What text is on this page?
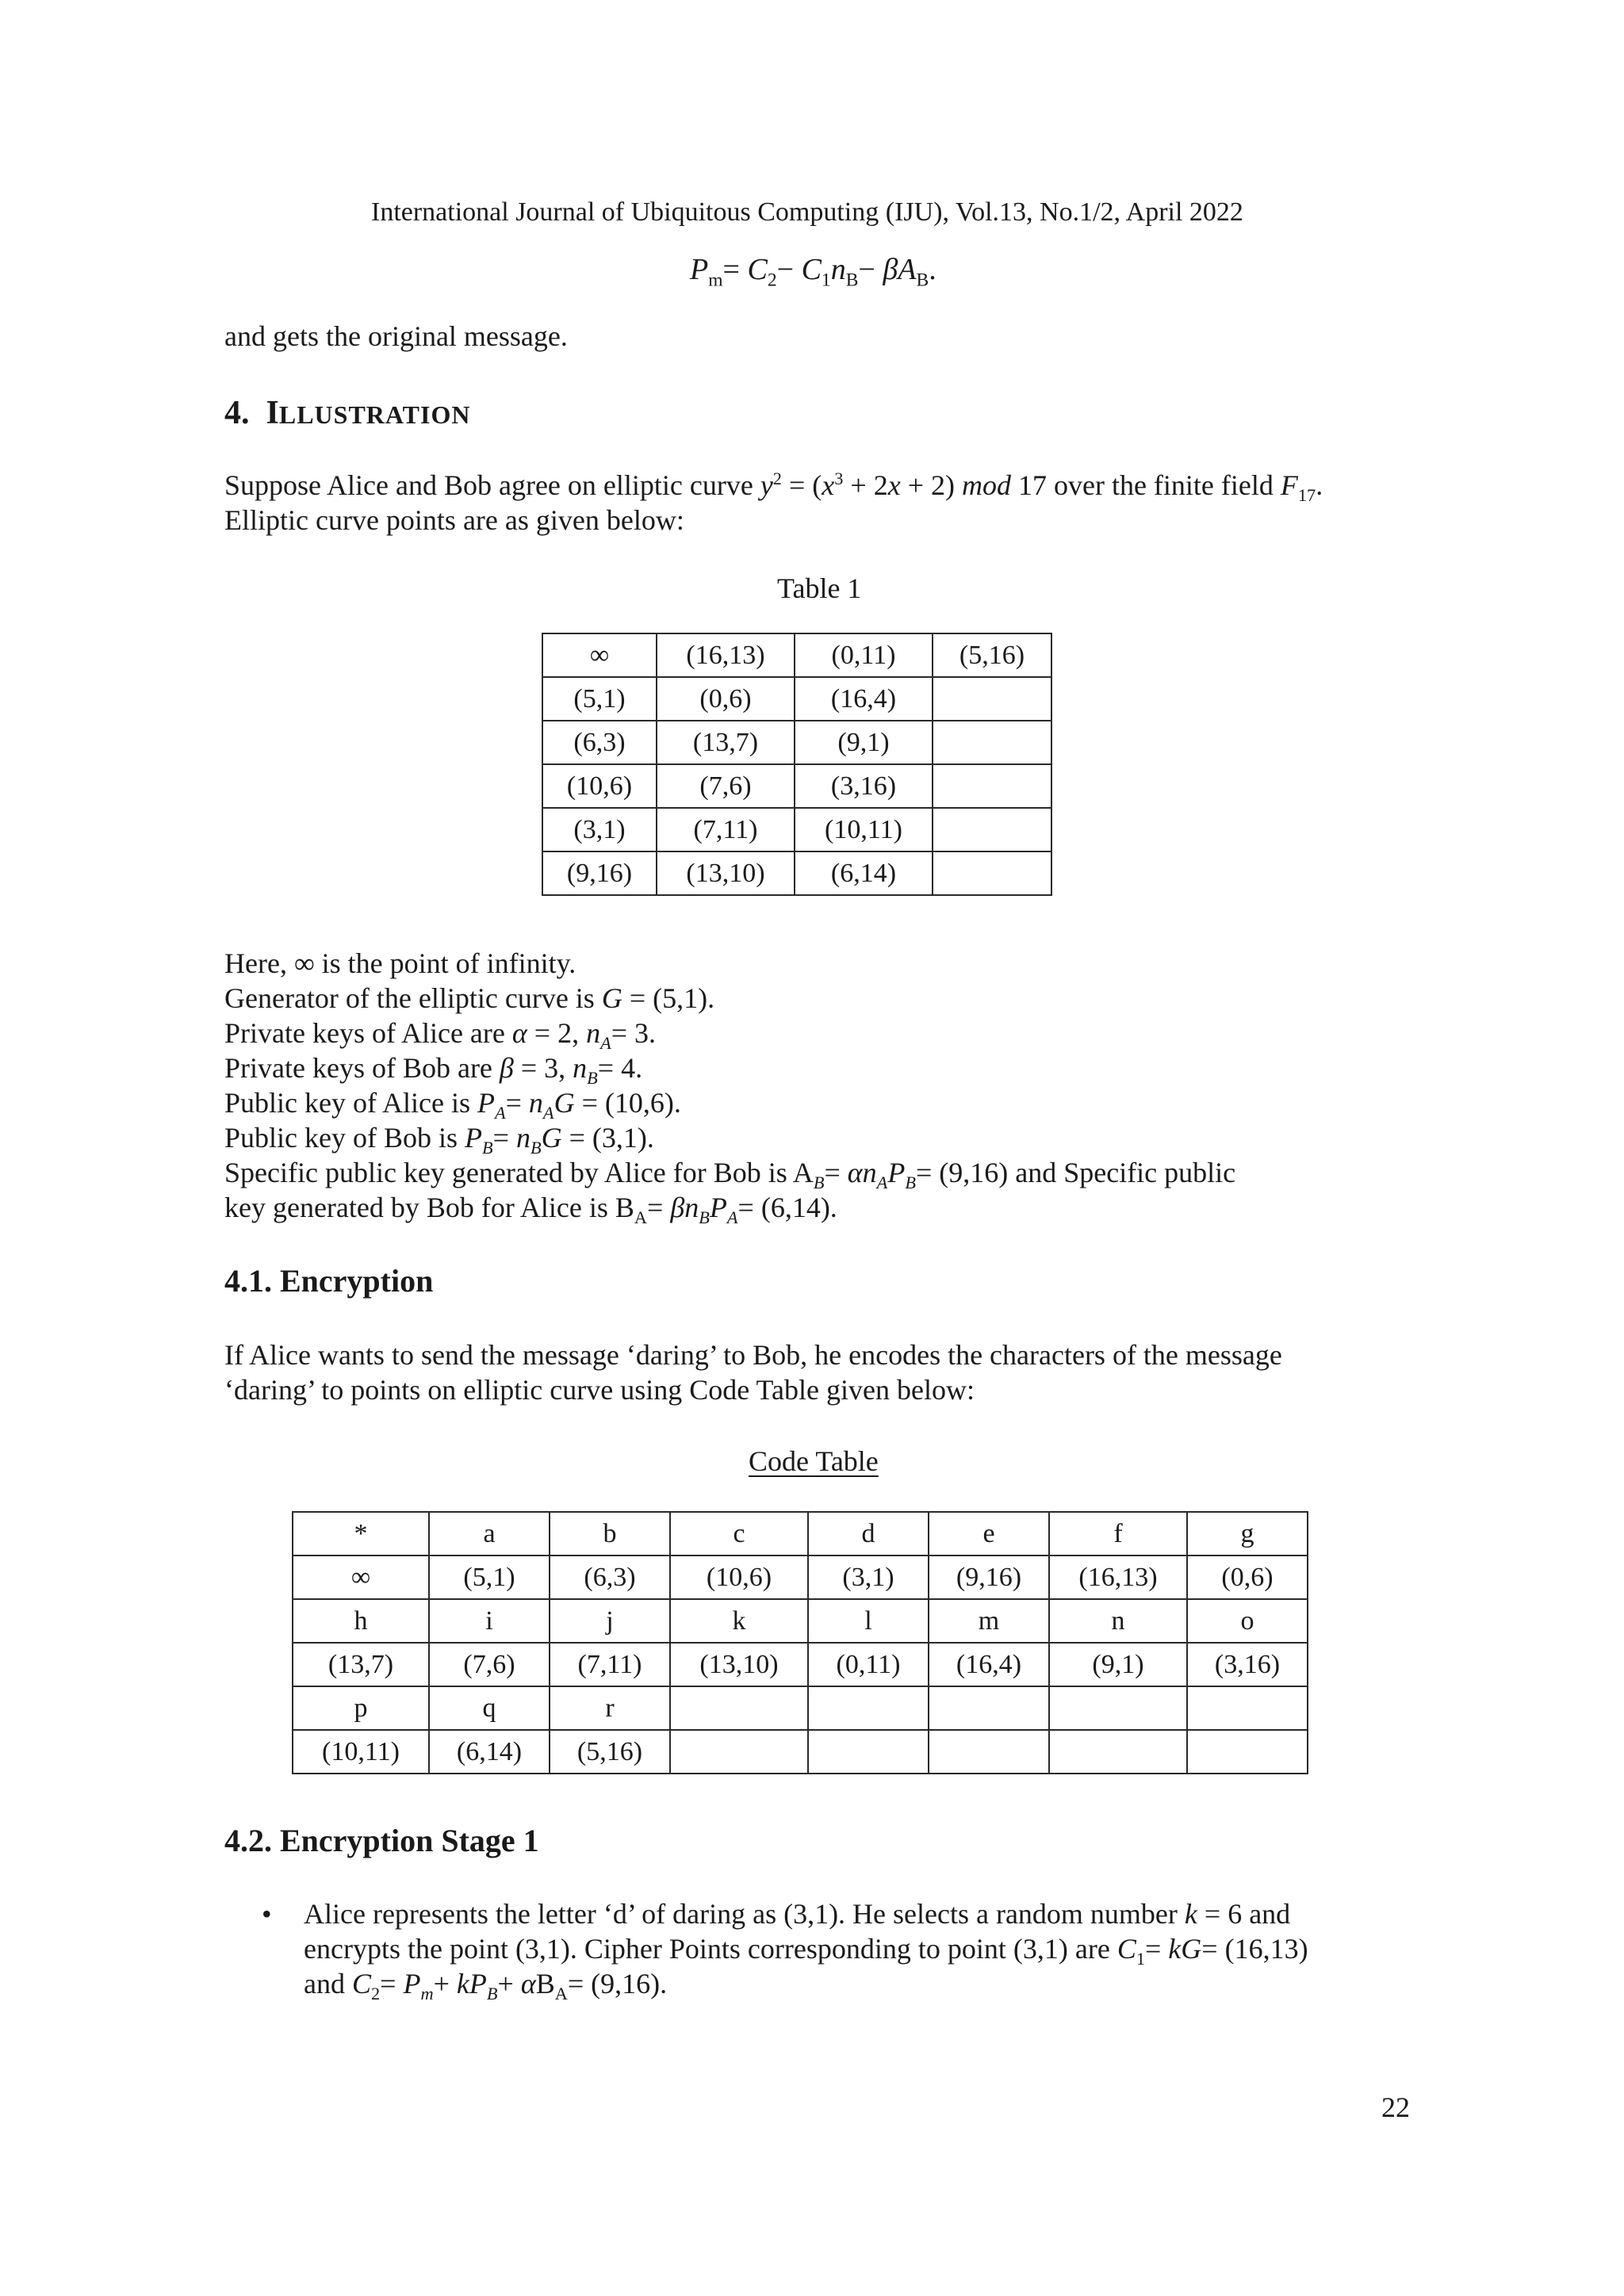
International Journal of Ubiquitous Computing (IJU), Vol.13, No.1/2, April 2022
$P_m= C_2- C_1n_B- \beta A_B$.
and gets the original message.
4. ILLUSTRATION
Suppose Alice and Bob agree on elliptic curve $y^2 = (x^3 + 2x + 2)$ mod 17 over the finite field $F_{17}$.
Elliptic curve points are as given below:
Table 1
∞	(16,13)	(0,11)	(5,16)
(5,1)	(0,6)	(16,4)	
(6,3)	(13,7)	(9,1)	
(10,6)	(7,6)	(3,16)	
(3,1)	(7,11)	(10,11)	
(9,16)	(13,10)	(6,14)	
Here, ∞ is the point of infinity.
Generator of the elliptic curve is G = (5,1).
Private keys of Alice are α = 2, $n_A= 3$.
Private keys of Bob are β = 3, $n_B= 4$.
Public key of Alice is $P_A= n_AG = (10,6)$.
Public key of Bob is $P_B= n_BG = (3,1)$.
Specific public key generated by Alice for Bob is $A_B= \alpha n_AP_B= (9,16)$ and Specific public
key generated by Bob for Alice is $B_A= \beta n_BP_A= (6,14)$.
4.1. Encryption
If Alice wants to send the message ‘daring’ to Bob, he encodes the characters of the message
‘daring’ to points on elliptic curve using Code Table given below:
Code Table
*	a	b	c	d	e	f	g
∞	(5,1)	(6,3)	(10,6)	(3,1)	(9,16)	(16,13)	(0,6)
h	i	j	k	l	m	n	o
(13,7)	(7,6)	(7,11)	(13,10)	(0,11)	(16,4)	(9,1)	(3,16)
p	q	r					
(10,11)	(6,14)	(5,16)					
4.2. Encryption Stage 1
• Alice represents the letter ‘d’ of daring as (3,1). He selects a random number k = 6 and
encrypts the point (3,1). Cipher Points corresponding to point (3,1) are $C_1= kG= (16,13)$
and $C_2= P_m+ kP_B+ \alpha B_A= (9,16)$.
22
